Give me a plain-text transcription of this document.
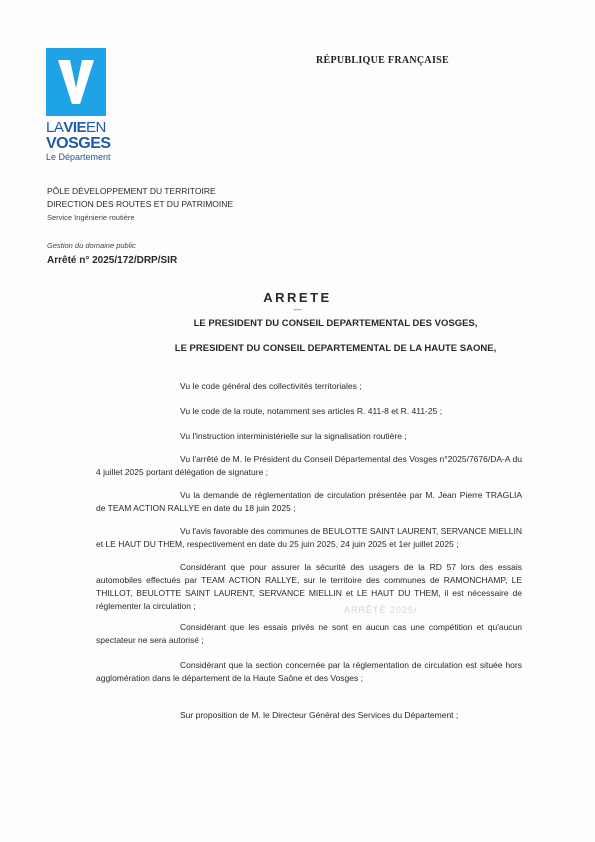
LAVIEEN
VOSGES
Le Département
RÉPUBLIQUE FRANÇAISE
PÔLE DÉVELOPPEMENT DU TERRITOIRE
DIRECTION DES ROUTES ET DU PATRIMOINE
Service Ingénierie routière
Gestion du domaine public
Arrêté n° 2025/172/DRP/SIR
ARRETE
---
LE PRESIDENT DU CONSEIL DEPARTEMENTAL DES VOSGES,
LE PRESIDENT DU CONSEIL DEPARTEMENTAL DE LA HAUTE SAONE,
Vu le code général des collectivités territoriales ;
Vu le code de la route, notamment ses articles R. 411-8 et R. 411-25 ;
Vu l'instruction interministérielle sur la signalisation routière ;
Vu l'arrêté de M. le Président du Conseil Départemental des Vosges n°2025/7676/DA-A du 4 juillet 2025 portant délégation de signature ;
Vu la demande de réglementation de circulation présentée par M. Jean Pierre TRAGLIA de TEAM ACTION RALLYE en date du 18 juin 2025 ;
Vu l'avis favorable des communes de BEULOTTE SAINT LAURENT, SERVANCE MIELLIN et LE HAUT DU THEM, respectivement en date du 25 juin 2025, 24 juin 2025 et 1er juillet 2025 ;
Considérant que pour assurer la sécurité des usagers de la RD 57 lors des essais automobiles effectués par TEAM ACTION RALLYE, sur le territoire des communes de RAMONCHAMP, LE THILLOT, BEULOTTE SAINT LAURENT, SERVANCE MIELLIN et LE HAUT DU THEM, il est nécessaire de réglementer la circulation ;
Considérant que les essais privés ne sont en aucun cas une compétition et qu'aucun spectateur ne sera autorisé ;
Considérant que la section concernée par la réglementation de circulation est située hors agglomération dans le département de la Haute Saône et des Vosges ;
Sur proposition de M. le Directeur Général des Services du Département ;
ARRÊTÉ 2025/
